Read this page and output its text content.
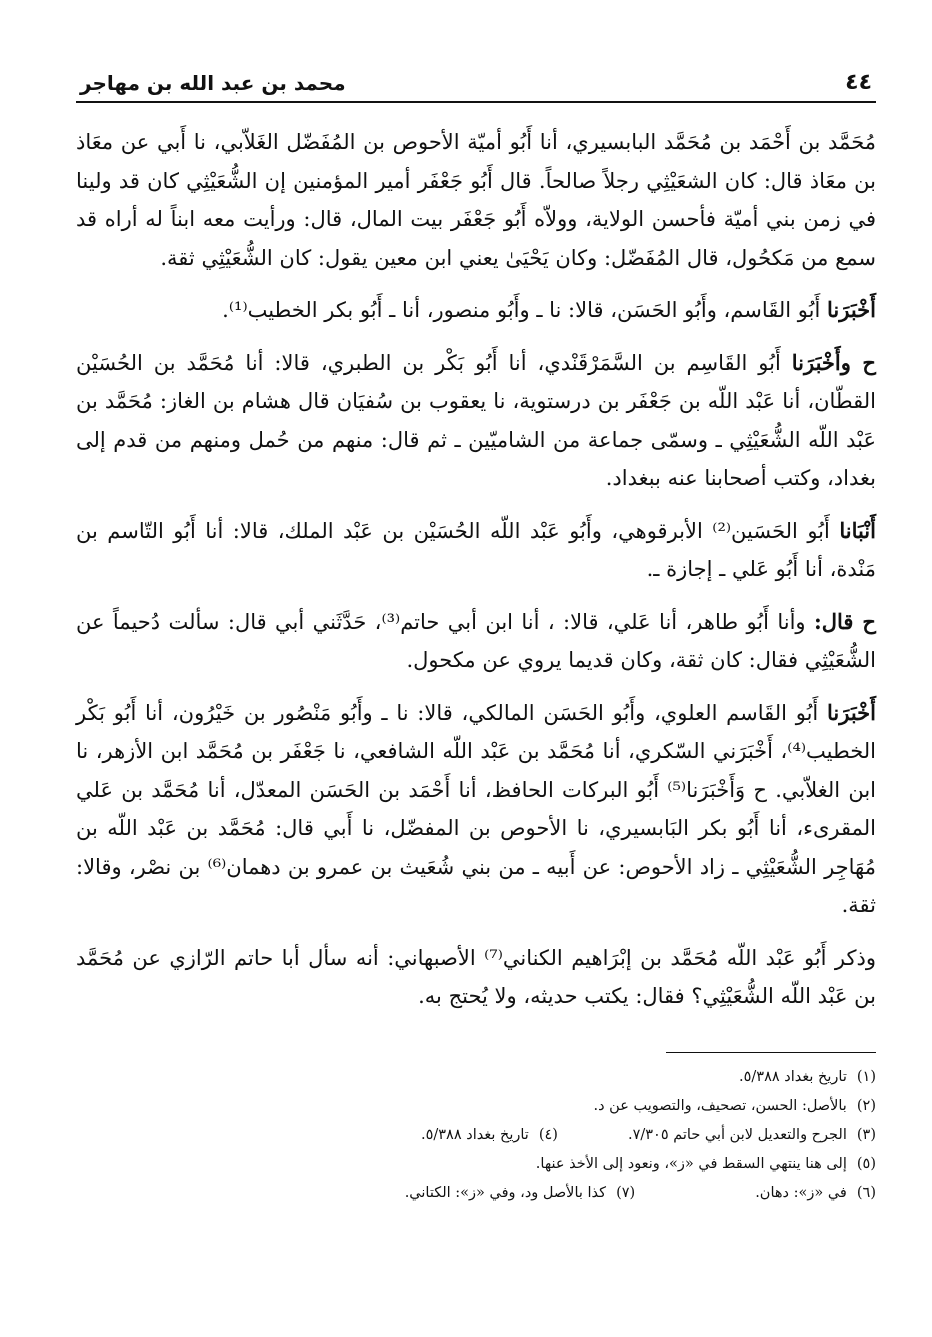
٤٤
محمد بن عبد الله بن مهاجر

مُحَمَّد بن أَحْمَد بن مُحَمَّد البابسيري، أنا أَبُو أميّة الأحوص بن المُفَضّل الغَلاّبي، نا أَبي عن معَاذ بن معَاذ قال: كان الشعَيْثِي رجلاً صالحاً. قال أَبُو جَعْفَر أمير المؤمنين إن الشُّعَيْثِي كان قد ولينا في زمن بني أميّة فأحسن الولاية، وولاّه أَبُو جَعْفَر بيت المال، قال: ورأيت معه ابناً له أراه قد سمع من مَكحُول، قال المُفَضّل: وكان يَحْيَىٰ يعني ابن معين يقول: كان الشُّعَيْثِي ثقة.

أَخْبَرَنا أَبُو القَاسم، وأَبُو الحَسَن، قالا: نا ـ وأَبُو منصور، أنا ـ أَبُو بكر الخطيب⁽¹⁾.

ح وأَخْبَرَنا أَبُو القَاسِم بن السَّمَرْقَنْدي، أنا أَبُو بَكْر بن الطبري، قالا: أنا مُحَمَّد بن الحُسَيْن القطّان، أنا عَبْد اللّه بن جَعْفَر بن درستوية، نا يعقوب بن سُفيَان قال هشام بن الغاز: مُحَمَّد بن عَبْد اللّه الشُّعَيْثِي ـ وسمّى جماعة من الشاميّين ـ ثم قال: منهم من حُمل ومنهم من قدم إلى بغداد، وكتب أصحابنا عنه ببغداد.

أَنْبَانا أَبُو الحَسَين⁽²⁾ الأبرقوهي، وأَبُو عَبْد اللّه الحُسَيْن بن عَبْد الملك، قالا: أنا أَبُو التّاسم بن مَنْدة، أنا أَبُو عَلي ـ إجازة ـ.

ح قال: وأنا أَبُو طاهر، أنا عَلي، قالا: ، أنا ابن أبي حاتم⁽³⁾، حَدَّثَني أبي قال: سألت دُحيماً عن الشُّعَيْثِي فقال: كان ثقة، وكان قديما يروي عن مكحول.

أَخْبَرَنا أَبُو القَاسم العلوي، وأَبُو الحَسَن المالكي، قالا: نا ـ وأَبُو مَنْصُور بن خَيْرُون، أنا أَبُو بَكْر الخطيب⁽⁴⁾، أَخْبَرَني السّكري، أنا مُحَمَّد بن عَبْد اللّه الشافعي، نا جَعْفَر بن مُحَمَّد ابن الأزهر، نا ابن الغلاّبي. ح وَأَخْبَرَنا⁽⁵⁾ أَبُو البركات الحافظ، أنا أَحْمَد بن الحَسَن المعدّل، أنا مُحَمَّد بن عَلي المقرىء، أنا أَبُو بكر البَابسيري، نا الأحوص بن المفضّل، نا أَبي قال: مُحَمَّد بن عَبْد اللّه بن مُهَاجِر الشُّعَيْثِي ـ زاد الأحوص: عن أَبيه ـ من بني شُعَيث بن عمرو بن دهمان⁽⁶⁾ بن نصْر، وقالا: ثقة.

وذكر أَبُو عَبْد اللّه مُحَمَّد بن إبْرَاهيم الكناني⁽⁷⁾ الأصبهاني: أنه سأل أبا حاتم الرّازي عن مُحَمَّد بن عَبْد اللّه الشُّعَيْثِي؟ فقال: يكتب حديثه، ولا يُحتج به.

(١)
تاريخ بغداد ٥/٣٨٨.
(٢)
بالأصل: الحسن، تصحيف، والتصويب عن د.
(٣)
الجرح والتعديل لابن أبي حاتم ٧/٣٠٥.
(٤)
تاريخ بغداد ٥/٣٨٨.
(٥)
إلى هنا ينتهي السقط في «ز»، ونعود إلى الأخذ عنها.
(٦)
في «ز»: دهان.
(٧)
كذا بالأصل ود، وفي «ز»: الكتاني.
